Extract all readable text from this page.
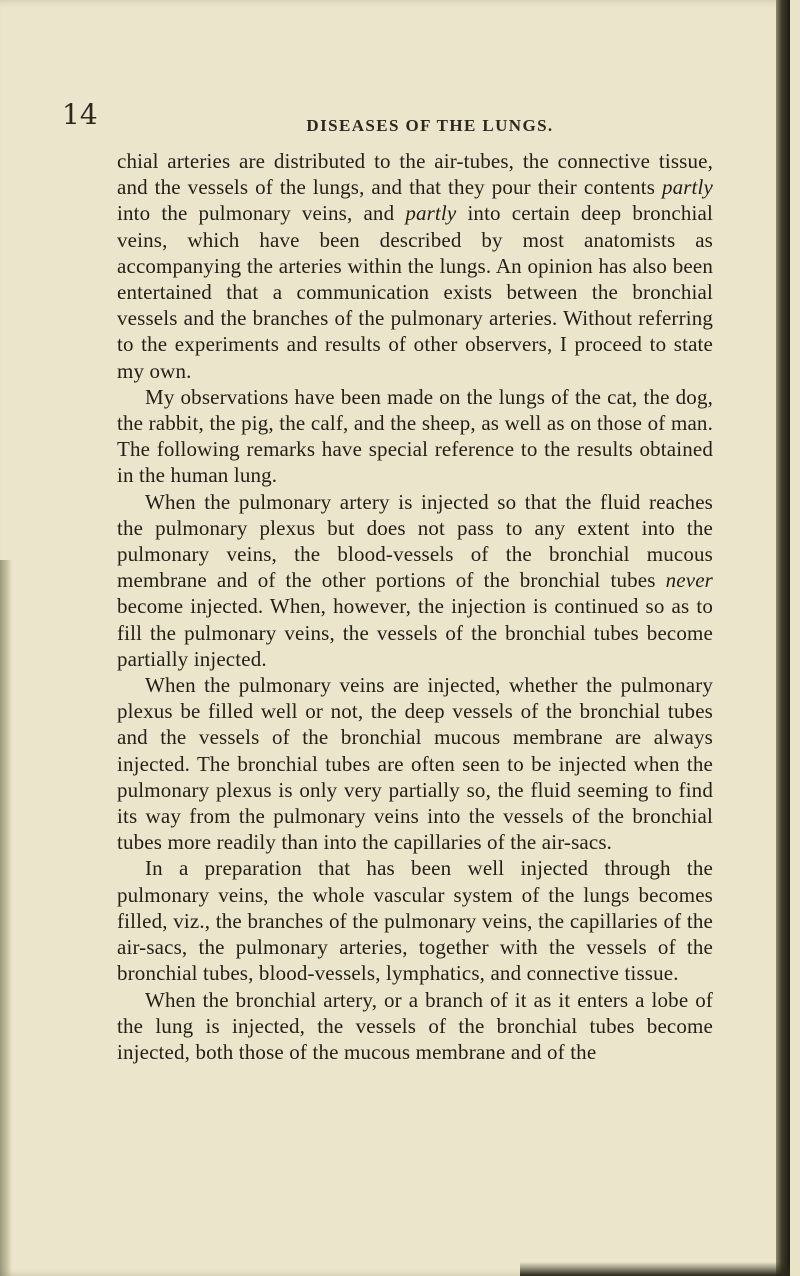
14	DISEASES OF THE LUNGS.

chial arteries are distributed to the air-tubes, the connective tissue, and the vessels of the lungs, and that they pour their contents partly into the pulmonary veins, and partly into certain deep bronchial veins, which have been described by most anatomists as accompanying the arteries within the lungs. An opinion has also been entertained that a communication exists between the bronchial vessels and the branches of the pulmonary arteries. Without referring to the experiments and results of other observers, I proceed to state my own.

My observations have been made on the lungs of the cat, the dog, the rabbit, the pig, the calf, and the sheep, as well as on those of man. The following remarks have special reference to the results obtained in the human lung.

When the pulmonary artery is injected so that the fluid reaches the pulmonary plexus but does not pass to any extent into the pulmonary veins, the blood-vessels of the bronchial mucous membrane and of the other portions of the bronchial tubes never become injected. When, however, the injection is continued so as to fill the pulmonary veins, the vessels of the bronchial tubes become partially injected.

When the pulmonary veins are injected, whether the pulmonary plexus be filled well or not, the deep vessels of the bronchial tubes and the vessels of the bronchial mucous membrane are always injected. The bronchial tubes are often seen to be injected when the pulmonary plexus is only very partially so, the fluid seeming to find its way from the pulmonary veins into the vessels of the bronchial tubes more readily than into the capillaries of the air-sacs.

In a preparation that has been well injected through the pulmonary veins, the whole vascular system of the lungs becomes filled, viz., the branches of the pulmonary veins, the capillaries of the air-sacs, the pulmonary arteries, together with the vessels of the bronchial tubes, blood-vessels, lymphatics, and connective tissue.

When the bronchial artery, or a branch of it as it enters a lobe of the lung is injected, the vessels of the bronchial tubes become injected, both those of the mucous membrane and of the
